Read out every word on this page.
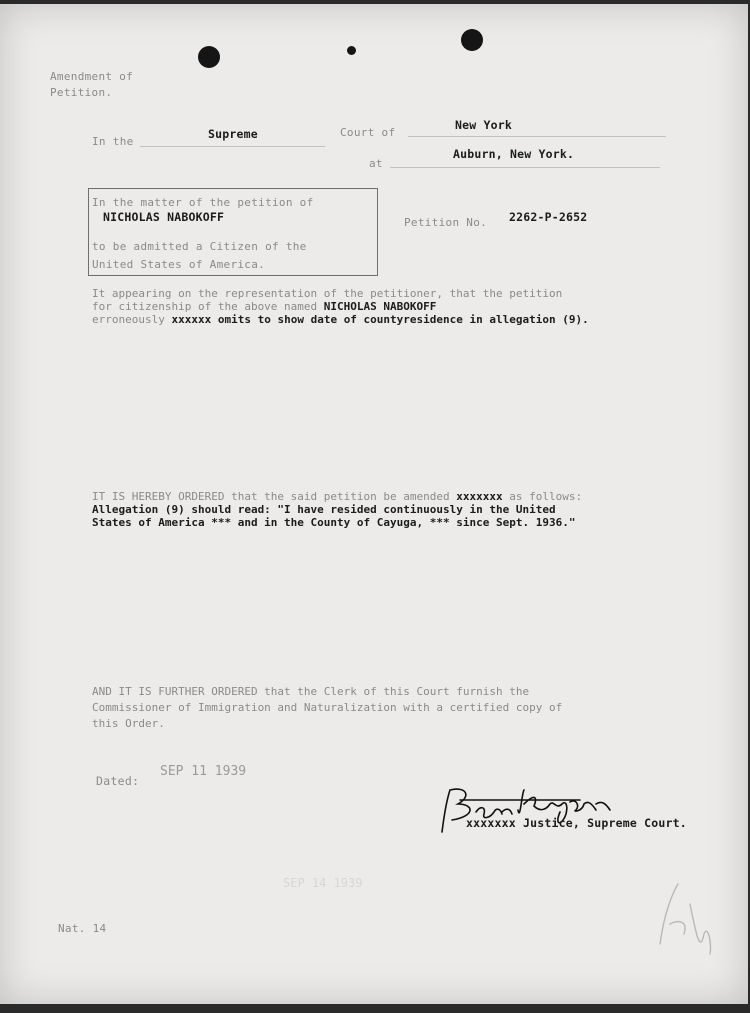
Amendment of
Petition.
In the
Supreme	Court of
New York
at
Auburn, New York.
In the matter of the petition of
NICHOLAS NABOKOFF
to be admitted a Citizen of the
United States of America.
Petition No. 2262-P-2652
It appearing on the representation of the petitioner, that the petition
for citizenship of the above named NICHOLAS NABOKOFF
erroneously xxxxxx omits to show date of countyresidence in allegation (9).
IT IS HEREBY ORDERED that the said petition be amended xxxxxxx as follows:
Allegation (9) should read: "I have resided continuously in the United
States of America *** and in the County of Cayuga, *** since Sept. 1936."
AND IT IS FURTHER ORDERED that the Clerk of this Court furnish the
Commissioner of Immigration and Naturalization with a certified copy of
this Order.
Dated:
SEP 11 1939
xxxxxxx Justice, Supreme Court.
SEP 14 1939
Nat. 14
